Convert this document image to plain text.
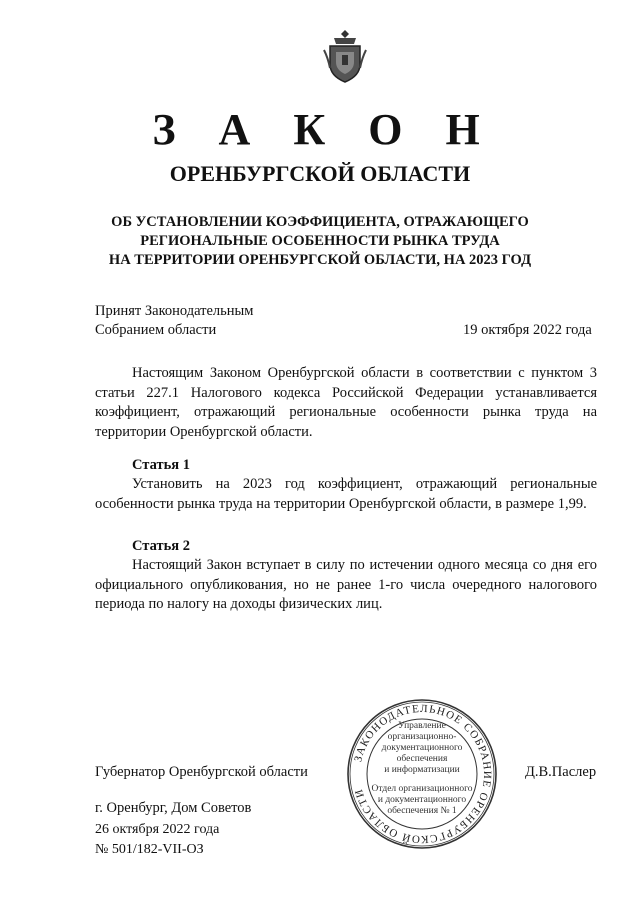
З А К О Н
ОРЕНБУРГСКОЙ ОБЛАСТИ
ОБ УСТАНОВЛЕНИИ КОЭФФИЦИЕНТА, ОТРАЖАЮЩЕГО
РЕГИОНАЛЬНЫЕ ОСОБЕННОСТИ РЫНКА ТРУДА
НА ТЕРРИТОРИИ ОРЕНБУРГСКОЙ ОБЛАСТИ, НА 2023 ГОД
Принят Законодательным
Собранием области	19 октября 2022 года
Настоящим Законом Оренбургской области в соответствии с пунктом 3 статьи 227.1 Налогового кодекса Российской Федерации устанавливается коэффициент, отражающий региональные особенности рынка труда на территории Оренбургской области.
Статья 1
Установить на 2023 год коэффициент, отражающий региональные особенности рынка труда на территории Оренбургской области, в размере 1,99.
Статья 2
Настоящий Закон вступает в силу по истечении одного месяца со дня его официального опубликования, но не ранее 1-го числа очередного налогового периода по налогу на доходы физических лиц.
ЗАКОНОДАТЕЛЬНОЕ СОБРАНИЕ ОРЕНБУРГСКОЙ ОБЛАСТИ
Управление
организационно-
документационного
обеспечения
и информатизации
Отдел организационного
и документационного
обеспечения № 1
Губернатор Оренбургской области	Д.В.Паслер
г. Оренбург, Дом Советов
26 октября 2022 года
№ 501/182-VII-ОЗ
